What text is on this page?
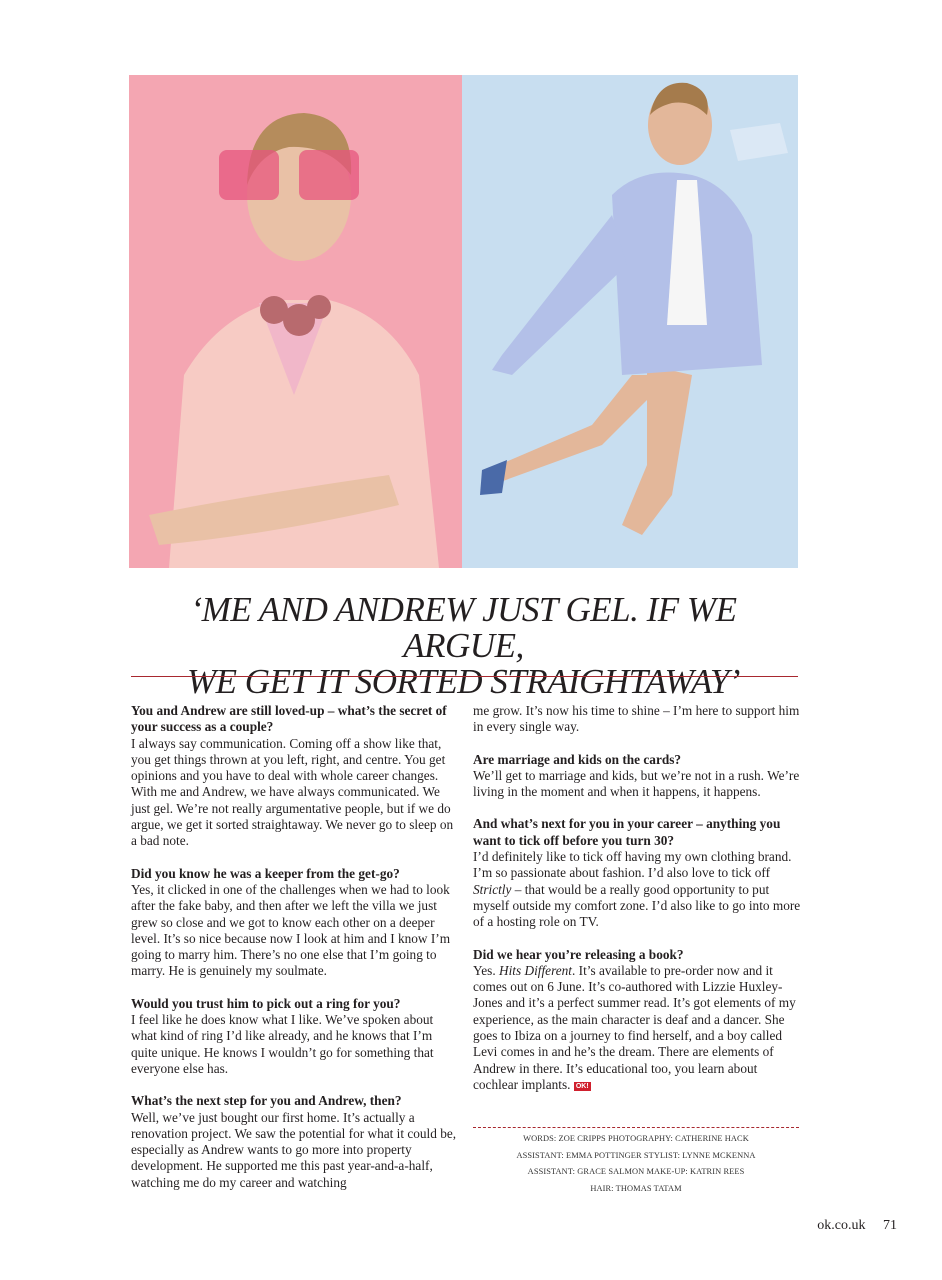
‘ME AND ANDREW JUST GEL. IF WE ARGUE,
WE GET IT SORTED STRAIGHTAWAY’
You and Andrew are still loved-up – what’s the secret of your success as a couple?
I always say communication. Coming off a show like that, you get things thrown at you left, right, and centre. You get opinions and you have to deal with whole career changes. With me and Andrew, we have always communicated. We just gel. We’re not really argumentative people, but if we do argue, we get it sorted straightaway. We never go to sleep on a bad note.
Did you know he was a keeper from the get-go?
Yes, it clicked in one of the challenges when we had to look after the fake baby, and then after we left the villa we just grew so close and we got to know each other on a deeper level. It’s so nice because now I look at him and I know I’m going to marry him. There’s no one else that I’m going to marry. He is genuinely my soulmate.
Would you trust him to pick out a ring for you?
I feel like he does know what I like. We’ve spoken about what kind of ring I’d like already, and he knows that I’m quite unique. He knows I wouldn’t go for something that everyone else has.
What’s the next step for you and Andrew, then?
Well, we’ve just bought our first home. It’s actually a renovation project. We saw the potential for what it could be, especially as Andrew wants to go more into property development. He supported me this past year-and-a-half, watching me do my career and watching
me grow. It’s now his time to shine – I’m here to support him in every single way.
Are marriage and kids on the cards?
We’ll get to marriage and kids, but we’re not in a rush. We’re living in the moment and when it happens, it happens.
And what’s next for you in your career – anything you want to tick off before you turn 30?
I’d definitely like to tick off having my own clothing brand. I’m so passionate about fashion. I’d also love to tick off Strictly – that would be a really good opportunity to put myself outside my comfort zone. I’d also like to go into more of a hosting role on TV.
Did we hear you’re releasing a book?
Yes. Hits Different. It’s available to pre-order now and it comes out on 6 June. It’s co-authored with Lizzie Huxley-Jones and it’s a perfect summer read. It’s got elements of my experience, as the main character is deaf and a dancer. She goes to Ibiza on a journey to find herself, and a boy called Levi comes in and he’s the dream. There are elements of Andrew in there. It’s educational too, you learn about cochlear implants. OK!
WORDS: ZOE CRIPPS PHOTOGRAPHY: CATHERINE HACK
ASSISTANT: EMMA POTTINGER STYLIST: LYNNE MCKENNA
ASSISTANT: GRACE SALMON MAKE-UP: KATRIN REES
HAIR: THOMAS TATAM
ok.co.uk 71
